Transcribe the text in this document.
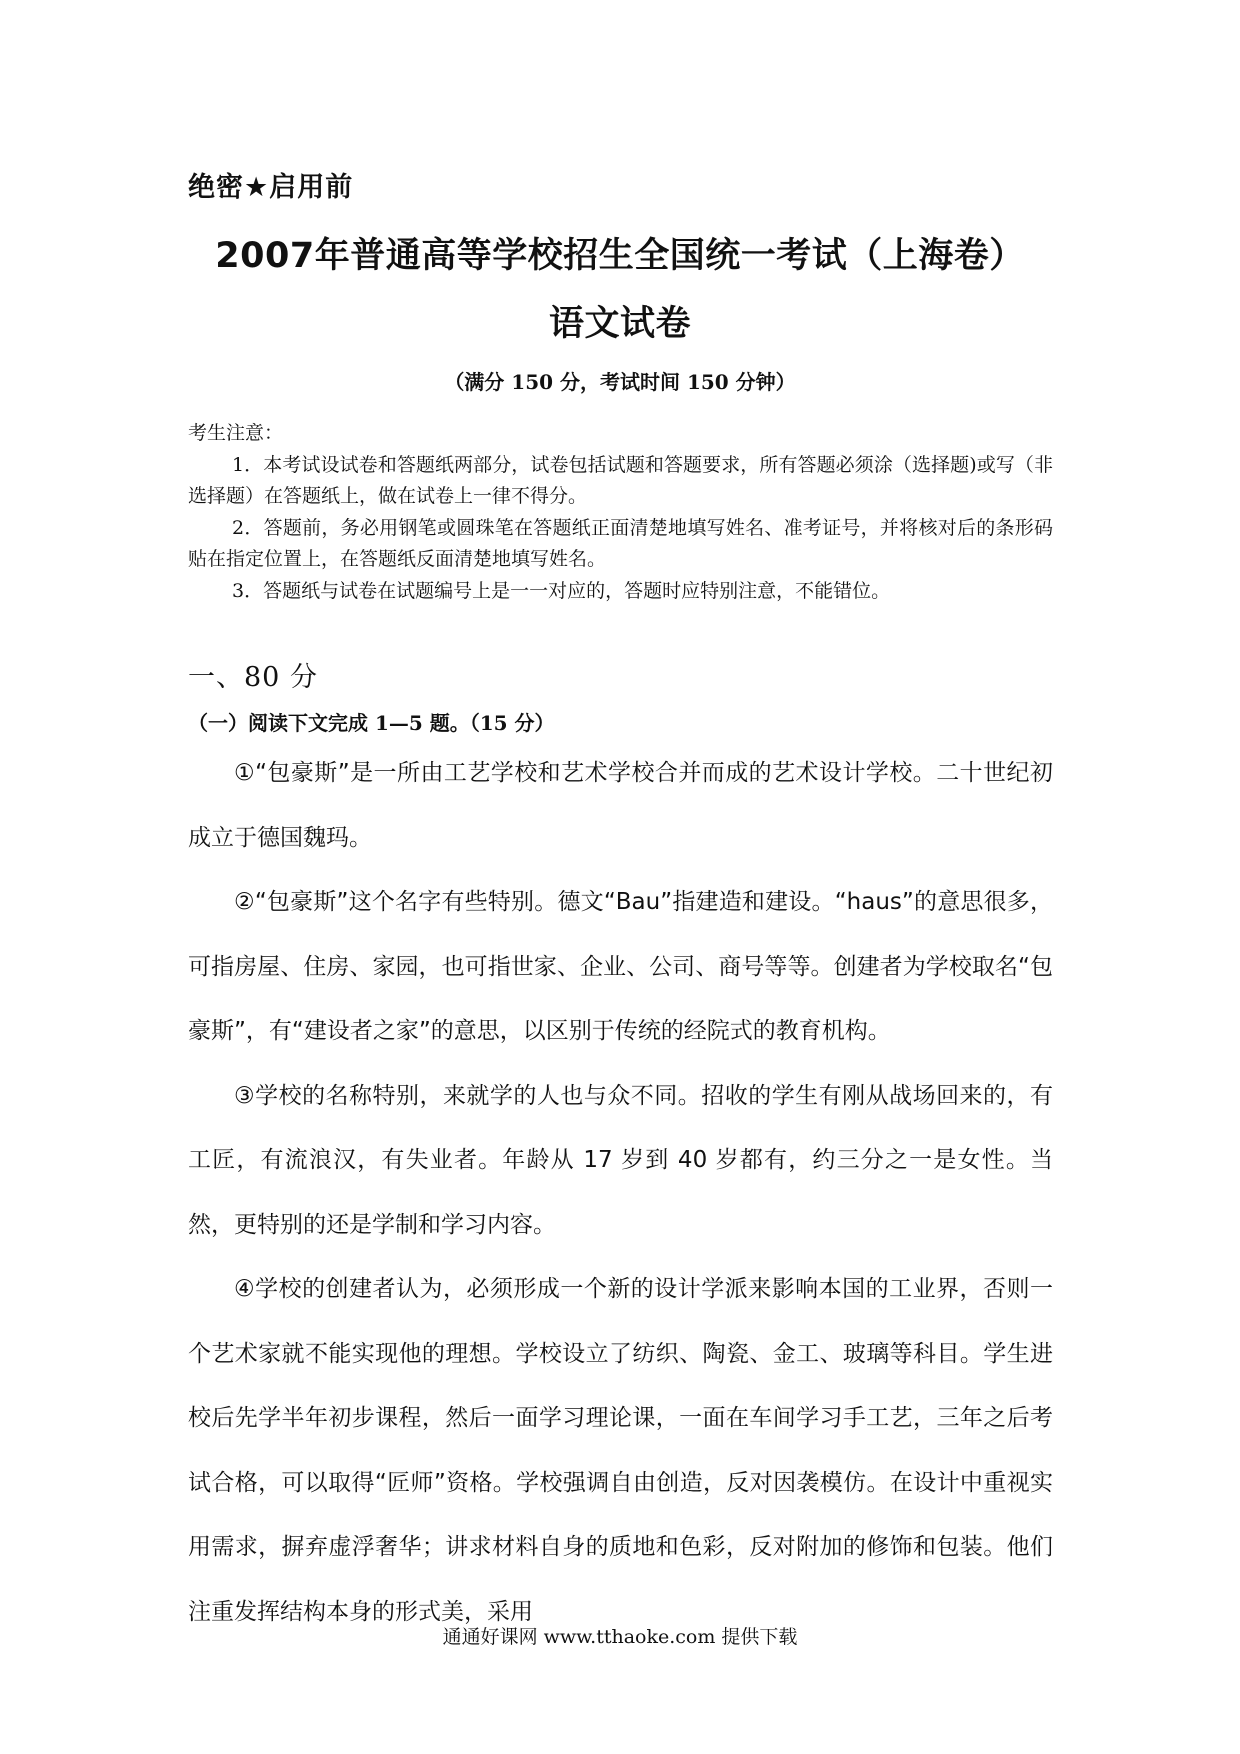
绝密★启用前
2007年普通高等学校招生全国统一考试（上海卷）
语文试卷
（满分 150 分，考试时间 150 分钟）
考生注意：
1．本考试设试卷和答题纸两部分，试卷包括试题和答题要求，所有答题必须涂（选择题)或写（非选择题）在答题纸上，做在试卷上一律不得分。
2．答题前，务必用钢笔或圆珠笔在答题纸正面清楚地填写姓名、准考证号，并将核对后的条形码贴在指定位置上，在答题纸反面清楚地填写姓名。
3．答题纸与试卷在试题编号上是一一对应的，答题时应特别注意，不能错位。
一、80 分
（一）阅读下文完成 1—5 题。（15 分）

①“包豪斯”是一所由工艺学校和艺术学校合并而成的艺术设计学校。二十世纪初成立于德国魏玛。

②“包豪斯”这个名字有些特别。德文“Bau”指建造和建设。“haus”的意思很多，可指房屋、住房、家园，也可指世家、企业、公司、商号等等。创建者为学校取名“包豪斯”，有“建设者之家”的意思，以区别于传统的经院式的教育机构。

③学校的名称特别，来就学的人也与众不同。招收的学生有刚从战场回来的，有工匠，有流浪汉，有失业者。年龄从 17 岁到 40 岁都有，约三分之一是女性。当然，更特别的还是学制和学习内容。

④学校的创建者认为，必须形成一个新的设计学派来影响本国的工业界，否则一个艺术家就不能实现他的理想。学校设立了纺织、陶瓷、金工、玻璃等科目。学生进校后先学半年初步课程，然后一面学习理论课，一面在车间学习手工艺，三年之后考试合格，可以取得“匠师”资格。学校强调自由创造，反对因袭模仿。在设计中重视实用需求，摒弃虚浮奢华；讲求材料自身的质地和色彩，反对附加的修饰和包装。他们注重发挥结构本身的形式美，采用

通通好课网 www.tthaoke.com 提供下载
